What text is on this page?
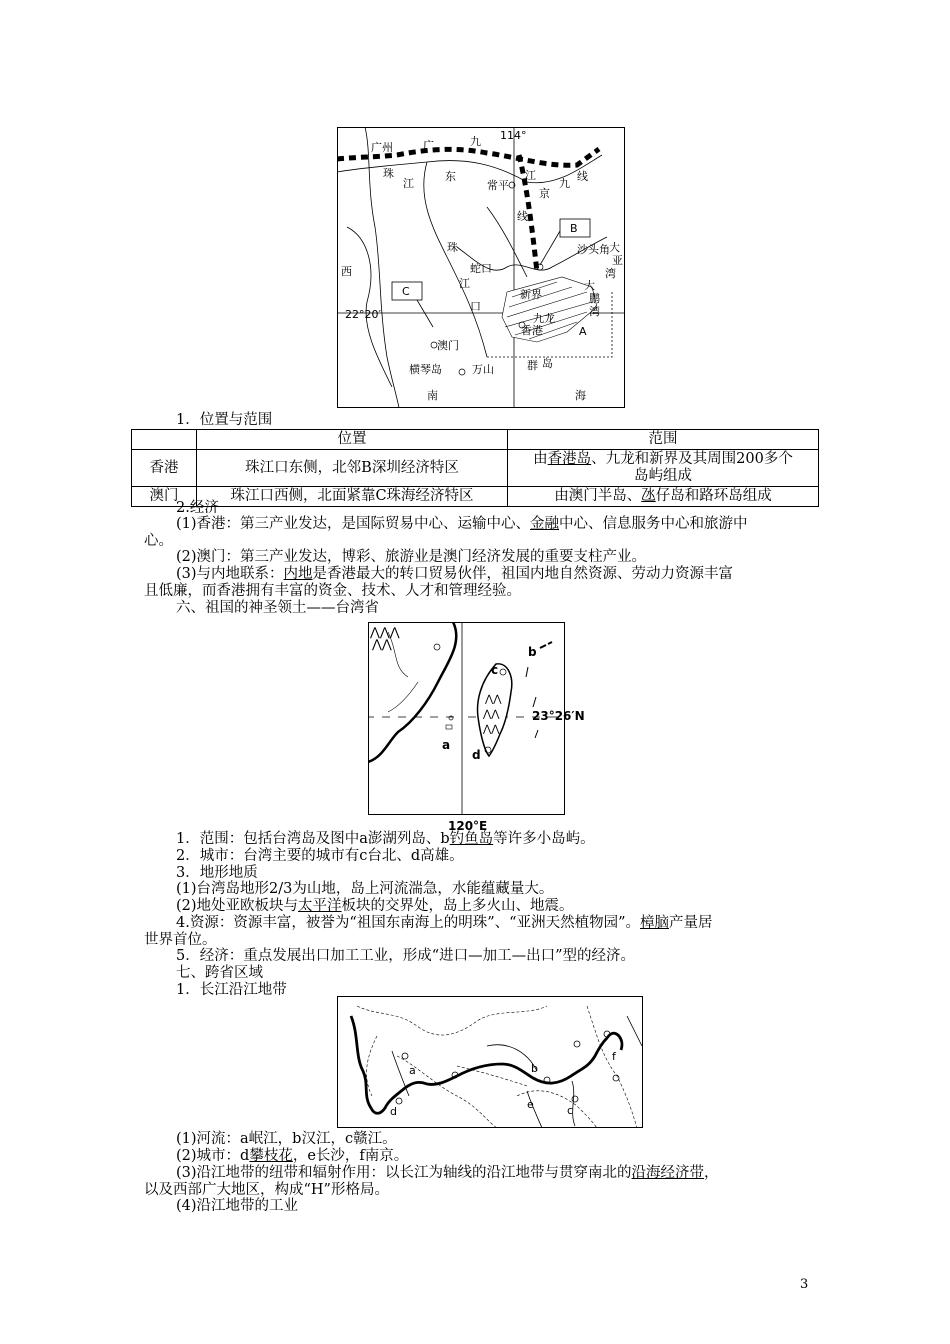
114°
广州	广	九
珠
江
东
常平
江
九
京
线
线
B
沙头角 大
亚
湾
西
珠
蛇口
江
C	新界
大
鹏
湾
22°20′
口
九龙
香港	A
澳门
横琴岛	万山	群 岛
南	海
1．位置与范围
	位置	范围
香港	珠江口东侧，北邻B深圳经济特区	由香港岛、九龙和新界及其周围200多个
岛屿组成
澳门	珠江口西侧，北面紧靠C珠海经济特区	由澳门半岛、氹仔岛和路环岛组成
2.经济
(1)香港：第三产业发达，是国际贸易中心、运输中心、金融中心、信息服务中心和旅游中
心。
(2)澳门：第三产业发达，博彩、旅游业是澳门经济发展的重要支柱产业。
(3)与内地联系：内地是香港最大的转口贸易伙伴，祖国内地自然资源、劳动力资源丰富
且低廉，而香港拥有丰富的资金、技术、人才和管理经验。
六、祖国的神圣领土——台湾省
⋀⋀⋀
⋀⋀
⋀⋀
⋀⋀
⋀⋀
b
c
23°26′N
a
d
120°E
1．范围：包括台湾岛及图中a澎湖列岛、b钓鱼岛等许多小岛屿。
2．城市：台湾主要的城市有c台北、d高雄。
3．地形地质
(1)台湾岛地形2/3为山地，岛上河流湍急，水能蕴藏量大。
(2)地处亚欧板块与太平洋板块的交界处，岛上多火山、地震。
4.资源：资源丰富，被誉为“祖国东南海上的明珠”、“亚洲天然植物园”。樟脑产量居
世界首位。
5．经济：重点发展出口加工工业，形成“进口—加工—出口”型的经济。
七、跨省区域
1．长江沿江地带
a	b
f
d
e	c
(1)河流：a岷江，b汉江，c赣江。
(2)城市：d攀枝花，e长沙，f南京。
(3)沿江地带的纽带和辐射作用：以长江为轴线的沿江地带与贯穿南北的沿海经济带，
以及西部广大地区，构成“H”形格局。
(4)沿江地带的工业
3
